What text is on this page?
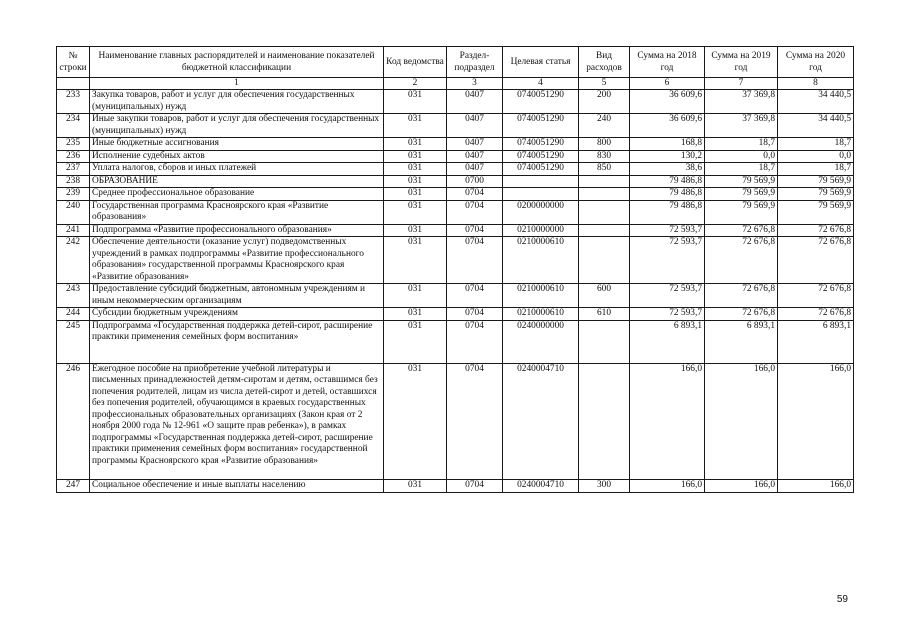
№ строки	Наименование главных распорядителей и наименование показателей бюджетной классификации	Код ведомства	Раздел-подраздел	Целевая статья	Вид расходов	Сумма на 2018 год	Сумма на 2019 год	Сумма на 2020 год
	1	2	3	4	5	6	7	8
233	Закупка товаров, работ и услуг для обеспечения государственных (муниципальных) нужд	031	0407	0740051290	200	36 609,6	37 369,8	34 440,5
234	Иные закупки товаров, работ и услуг для обеспечения государственных (муниципальных) нужд	031	0407	0740051290	240	36 609,6	37 369,8	34 440,5
235	Иные бюджетные ассигнования	031	0407	0740051290	800	168,8	18,7	18,7
236	Исполнение судебных актов	031	0407	0740051290	830	130,2	0,0	0,0
237	Уплата налогов, сборов и иных платежей	031	0407	0740051290	850	38,6	18,7	18,7
238	ОБРАЗОВАНИЕ	031	0700			79 486,8	79 569,9	79 569,9
239	Среднее профессиональное образование	031	0704			79 486,8	79 569,9	79 569,9
240	Государственная программа Красноярского края «Развитие образования»	031	0704	0200000000		79 486,8	79 569,9	79 569,9
241	Подпрограмма «Развитие профессионального образования»	031	0704	0210000000		72 593,7	72 676,8	72 676,8
242	Обеспечение деятельности (оказание услуг) подведомственных учреждений в рамках подпрограммы «Развитие профессионального образования» государственной программы Красноярского края «Развитие образования»	031	0704	0210000610		72 593,7	72 676,8	72 676,8
243	Предоставление субсидий бюджетным, автономным учреждениям и иным некоммерческим организациям	031	0704	0210000610	600	72 593,7	72 676,8	72 676,8
244	Субсидии бюджетным учреждениям	031	0704	0210000610	610	72 593,7	72 676,8	72 676,8
245	Подпрограмма «Государственная поддержка детей-сирот, расширение практики применения семейных форм воспитания»	031	0704	0240000000		6 893,1	6 893,1	6 893,1

246	Ежегодное пособие на приобретение учебной литературы и письменных принадлежностей детям-сиротам и детям, оставшимся без попечения родителей, лицам из числа детей-сирот и детей, оставшихся без попечения родителей, обучающимся в краевых государственных профессиональных образовательных организациях (Закон края от 2 ноября 2000 года № 12-961 «О защите прав ребенка»), в рамках подпрограммы «Государственная поддержка детей-сирот, расширение практики применения семейных форм воспитания» государственной программы Красноярского края «Развитие образования»	031	0704	0240004710		166,0	166,0	166,0

247	Социальное обеспечение и иные выплаты населению	031	0704	0240004710	300	166,0	166,0	166,0
59
